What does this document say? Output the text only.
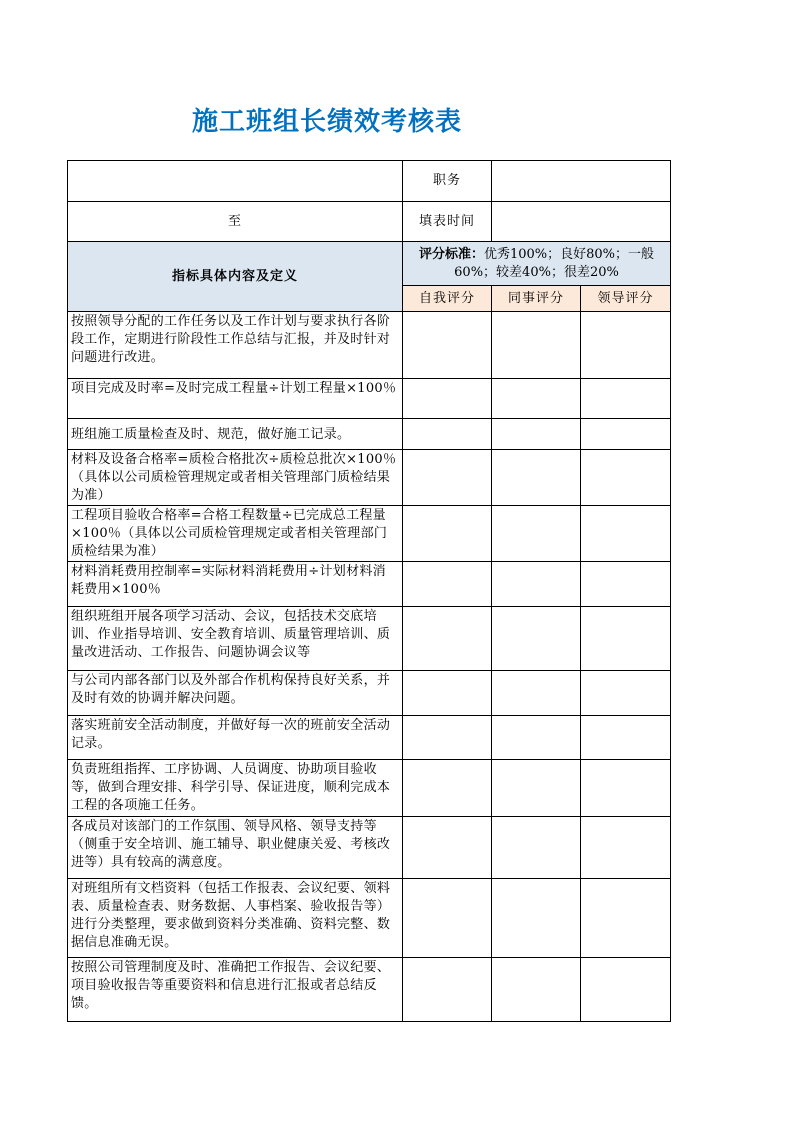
施工班组长绩效考核表
	职务		
至	填表时间		
指标具体内容及定义	评分标准：优秀100%；良好80%；一般60%；较差40%；很差20%		
	自我评分	同事评分	领导评分
按照领导分配的工作任务以及工作计划与要求执行各阶段工作，定期进行阶段性工作总结与汇报，并及时针对问题进行改进。			
项目完成及时率=及时完成工程量÷计划工程量×100％			
班组施工质量检查及时、规范，做好施工记录。			
材料及设备合格率=质检合格批次÷质检总批次×100％（具体以公司质检管理规定或者相关管理部门质检结果为准）			
工程项目验收合格率=合格工程数量÷已完成总工程量×100％（具体以公司质检管理规定或者相关管理部门质检结果为准）			
材料消耗费用控制率=实际材料消耗费用÷计划材料消耗费用×100％			

组织班组开展各项学习活动、会议，包括技术交底培训、作业指导培训、安全教育培训、质量管理培训、质量改进活动、工作报告、问题协调会议等			

与公司内部各部门以及外部合作机构保持良好关系，并及时有效的协调并解决问题。			
落实班前安全活动制度，并做好每一次的班前安全活动记录。			
负责班组指挥、工序协调、人员调度、协助项目验收等，做到合理安排、科学引导、保证进度，顺利完成本工程的各项施工任务。			
各成员对该部门的工作氛围、领导风格、领导支持等（侧重于安全培训、施工辅导、职业健康关爱、考核改进等）具有较高的满意度。			
对班组所有文档资料（包括工作报表、会议纪要、领料表、质量检查表、财务数据、人事档案、验收报告等）进行分类整理，要求做到资料分类准确、资料完整、数据信息准确无误。			
按照公司管理制度及时、准确把工作报告、会议纪要、项目验收报告等重要资料和信息进行汇报或者总结反馈。			
